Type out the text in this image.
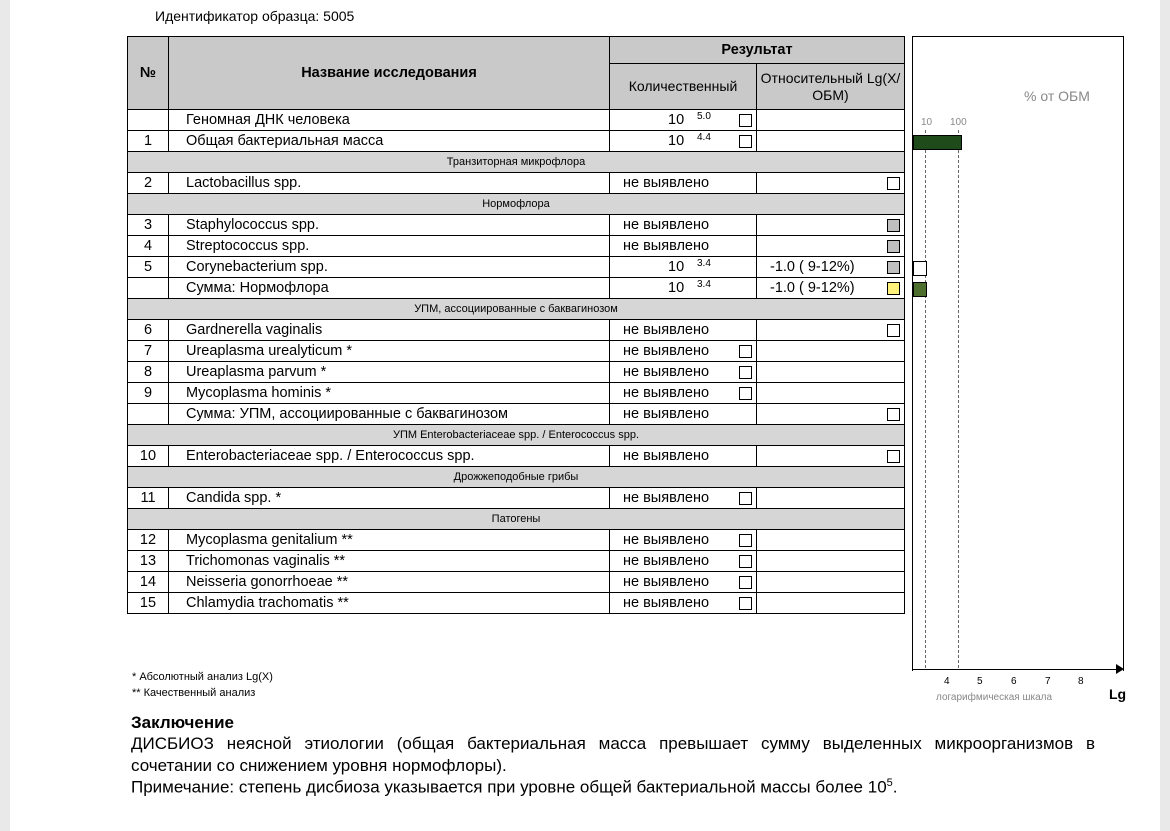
Идентификатор образца: 5005
№	Название исследования	Результат	
		Количественный	Относительный Lg(X/ОБМ)
	Геномная ДНК человека	10 5.0	

1	Общая бактериальная масса	10 4.4	

Транзиторная микрофлора			
2	Lactobacillus spp.	не выявлено	

Нормофлора			
3	Staphylococcus spp.	не выявлено	

4	Streptococcus spp.	не выявлено	

5	Corynebacterium spp.	10 3.4	-1.0 ( 9-12%)

	Сумма: Нормофлора	10 3.4	-1.0 ( 9-12%)

УПМ, ассоциированные с баквагинозом			
6	Gardnerella vaginalis	не выявлено	

7	Ureaplasma urealyticum *	не выявлено	

8	Ureaplasma parvum *	не выявлено	

9	Mycoplasma hominis *	не выявлено	

	Сумма: УПМ, ассоциированные с баквагинозом	не выявлено	

УПМ Enterobacteriaceae spp. / Enterococcus spp.			
10	Enterobacteriaceae spp. / Enterococcus spp.	не выявлено	

Дрожжеподобные грибы			
11	Candida spp. *	не выявлено	

Патогены			
12	Mycoplasma genitalium **	не выявлено	

13	Trichomonas vaginalis **	не выявлено	

14	Neisseria gonorrhoeae **	не выявлено	

15	Chlamydia trachomatis **	не выявлено	

% от ОБМ
10 100
4	5	6	7	8
логарифмическая шкала	Lg
* Абсолютный анализ Lg(X)
** Качественный анализ
Заключение
ДИСБИОЗ неясной этиологии (общая бактериальная масса превышает сумму выделенных микроорганизмов в сочетании со снижением уровня нормофлоры).
Примечание: степень дисбиоза указывается при уровне общей бактериальной массы более $10^5$.
